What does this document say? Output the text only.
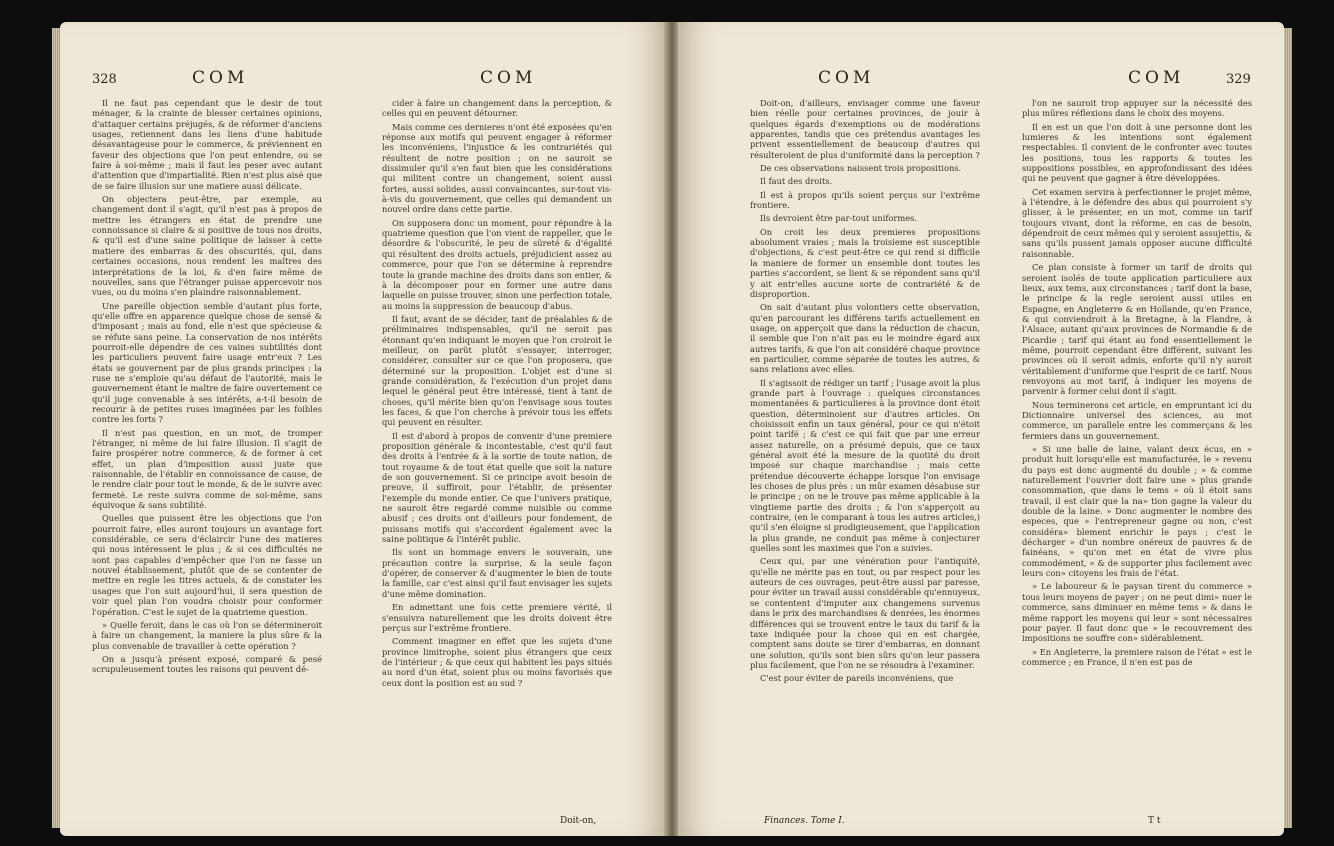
328	COM	COM

Il ne faut pas cependant que le desir de tout ménager, & la crainte de blesser certaines opinions, d'attaquer certains préjugés, & de réformer d'anciens usages, retiennent dans les liens d'une habitude désavantageuse pour le commerce, & préviennent en faveur des objections que l'on peut entendre, ou se faire à soi-même ; mais il faut les peser avec autant d'attention que d'impartialité. Rien n'est plus aisé que de se faire illusion sur une matiere aussi délicate.

On objectera peut-être, par exemple, au changement dont il s'agit, qu'il n'est pas à propos de mettre les étrangers en état de prendre une connoissance si claire & si positive de tous nos droits, & qu'il est d'une saine politique de laisser à cette matiere des embarras & des obscurités, qui, dans certaines occasions, nous rendent les maîtres des interprétations de la loi, & d'en faire même de nouvelles, sans que l'étranger puisse appercevoir nos vues, ou du moins s'en plaindre raisonnablement.

Une pareille objection semble d'autant plus forte, qu'elle offre en apparence quelque chose de sensé & d'imposant ; mais au fond, elle n'est que spécieuse & se réfute sans peine. La conservation de nos intérêts pourroit-elle dépendre de ces vaines subtilités dont les particuliers peuvent faire usage entr'eux ? Les états se gouvernent par de plus grands principes : la ruse ne s'emploie qu'au défaut de l'autorité, mais le gouvernement étant le maître de faire ouvertement ce qu'il juge convenable à ses intérêts, a-t-il besoin de recourir à de petites ruses imaginées par les foibles contre les forts ?

Il n'est pas question, en un mot, de tromper l'étranger, ni même de lui faire illusion. Il s'agit de faire prospérer notre commerce, & de former à cet effet, un plan d'imposition aussi juste que raisonnable, de l'établir en connoissance de cause, de le rendre clair pour tout le monde, & de le suivre avec fermeté. Le reste suivra comme de soi-même, sans équivoque & sans subtilité.

Quelles que puissent être les objections que l'on pourroit faire, elles auront toujours un avantage fort considérable, ce sera d'éclaircir l'une des matieres qui nous intéressent le plus ; & si ces difficultés ne sont pas capables d'empêcher que l'on ne fasse un nouvel établissement, plutôt que de se contenter de mettre en regle les titres actuels, & de constater les usages que l'on suit aujourd'hui, il sera question de voir quel plan l'on voudra choisir pour conformer l'opération. C'est le sujet de la quatrieme question.

» Quelle feroit, dans le cas où l'on se détermineroit à faire un changement, la maniere la plus sûre & la plus convenable de travailler à cette opération ?

On a jusqu'à présent exposé, comparé & pesé scrupuleusement toutes les raisons qui peuvent dé-

cider à faire un changement dans la perception, & celles qui en peuvent détourner.

Mais comme ces dernieres n'ont été exposées qu'en réponse aux motifs qui peuvent engager à réformer les inconvéniens, l'injustice & les contrariétés qui résultent de notre position ; on ne sauroit se dissimuler qu'il s'en faut bien que les considérations qui militent contre un changement, soient aussi fortes, aussi solides, aussi convaincantes, sur-tout vis-à-vis du gouvernement, que celles qui demandent un nouvel ordre dans cette partie.

On supposera donc un moment, pour répondre à la quatrieme question que l'on vient de rappeller, que le désordre & l'obscurité, le peu de sûreté & d'égalité qui résultent des droits actuels, préjudicient assez au commerce, pour que l'on se détermine à reprendre toute la grande machine des droits dans son entier, & à la décomposer pour en former une autre dans laquelle on puisse trouver, sinon une perfection totale, au moins la suppression de beaucoup d'abus.

Il faut, avant de se décider, tant de préalables & de préliminaires indispensables, qu'il ne seroit pas étonnant qu'en indiquant le moyen que l'on croiroit le meilleur, on parût plutôt s'essayer, interroger, considérer, consulter sur ce que l'on proposera, que déterminé sur la proposition. L'objet est d'une si grande considération, & l'exécution d'un projet dans lequel le général peut être intéressé, tient à tant de choses, qu'il mérite bien qu'on l'envisage sous toutes les faces, & que l'on cherche à prévoir tous les effets qui peuvent en résulter.

Il est d'abord à propos de convenir d'une premiere proposition générale & incontestable, c'est qu'il faut des droits à l'entrée & à la sortie de toute nation, de tout royaume & de tout état quelle que soit la nature de son gouvernement. Si ce principe avoit besoin de preuve, il suffiroit, pour l'établir, de présenter l'exemple du monde entier. Ce que l'univers pratique, ne sauroit être regardé comme nuisible ou comme abusif ; ces droits ont d'ailleurs pour fondement, de puissans motifs qui s'accordent également avec la saine politique & l'intérêt public.

Ils sont un hommage envers le souverain, une précaution contre la surprise, & la seule façon d'opérer, de conserver & d'augmenter le bien de toute la famille, car c'est ainsi qu'il faut envisager les sujets d'une même domination.

En admettant une fois cette premiere vérité, il s'ensuivra naturellement que les droits doivent être perçus sur l'extrême frontiere.

Comment imaginer en effet que les sujets d'une province limitrophe, soient plus étrangers que ceux de l'intérieur ; & que ceux qui habitent les pays situés au nord d'un état, soient plus ou moins favorisés que ceux dont la position est au sud ?

Doit-on,
COM	COM	329

Doit-on, d'ailleurs, envisager comme une faveur bien réelle pour certaines provinces, de jouir à quelques égards d'exemptions ou de modérations apparentes, tandis que ces prétendus avantages les privent essentiellement de beaucoup d'autres qui résulteroient de plus d'uniformité dans la perception ?

De ces observations naissent trois propositions.

Il faut des droits.

Il est à propos qu'ils soient perçus sur l'extrême frontiere.

Ils devroient être par-tout uniformes.

On croit les deux premieres propositions absolument vraies ; mais la troisieme est susceptible d'objections, & c'est peut-être ce qui rend si difficile la maniere de former un ensemble dont toutes les parties s'accordent, se lient & se répondent sans qu'il y ait entr'elles aucune sorte de contrariété & de disproportion.

On sait d'autant plus volontiers cette observation, qu'en parcourant les différens tarifs actuellement en usage, on apperçoit que dans la réduction de chacun, il semble que l'on n'ait pas eu le moindre égard aux autres tarifs, & que l'on ait considéré chaque province en particulier, comme séparée de toutes les autres, & sans relations avec elles.

Il s'agissoit de rédiger un tarif ; l'usage avoit la plus grande part à l'ouvrage : quelques circonstances momentanées & particulieres à la province dont étoit question, déterminoient sur d'autres articles. On choisissoit enfin un taux général, pour ce qui n'étoit point tarifé ; & c'est ce qui fait que par une erreur assez naturelle, on a présumé depuis, que ce taux général avoit été la mesure de la quotité du droit imposé sur chaque marchandise ; mais cette prétendue découverte échappe lorsque l'on envisage les choses de plus près : un mûr examen désabuse sur le principe ; on ne le trouve pas même applicable à la vingtieme partie des droits ; & l'on s'apperçoit au contraire, (en le comparant à tous les autres articles,) qu'il s'en éloigne si prodigieusement, que l'application la plus grande, ne conduit pas même à conjecturer quelles sont les maximes que l'on a suivies.

Ceux qui, par une vénération pour l'antiquité, qu'elle ne mérite pas en tout, ou par respect pour les auteurs de ces ouvrages, peut-être aussi par paresse, pour éviter un travail aussi considérable qu'ennuyeux, se contentent d'imputer aux changemens survenus dans le prix des marchandises & denrées, les énormes différences qui se trouvent entre le taux du tarif & la taxe indiquée pour la chose qui en est chargée, comptent sans doute se tirer d'embarras, en donnant une solution, qu'ils sont bien sûrs qu'on leur passera plus facilement, que l'on ne se résoudra à l'examiner.

C'est pour éviter de pareils inconvéniens, que

l'on ne sauroit trop appuyer sur la nécessité des plus mûres réflexions dans le choix des moyens.

Il en est un que l'on doit à une personne dont les lumieres & les intentions sont également respectables. Il convient de le confronter avec toutes les positions, tous les rapports & toutes les suppositions possibles, en approfondissant des idées qui ne peuvent que gagner à être développées.

Cet examen servira à perfectionner le projet même, à l'étendre, à le défendre des abus qui pourroient s'y glisser, à le présenter, en un mot, comme un tarif toujours vivant, dont la réforme, en cas de besoin, dépendroit de ceux mêmes qui y seroient assujettis, & sans qu'ils pussent jamais opposer aucune difficulté raisonnable.

Ce plan consiste à former un tarif de droits qui seroient isolés de toute application particuliere aux lieux, aux tems, aux circonstances ; tarif dont la base, le principe & la regle seroient aussi utiles en Espagne, en Angleterre & en Hollande, qu'en France, & qui conviendroit à la Bretagne, à la Flandre, à l'Alsace, autant qu'aux provinces de Normandie & de Picardie ; tarif qui étant au fond essentiellement le même, pourroit cependant être différent, suivant les provinces où il seroit admis, enforte qu'il n'y auroit véritablement d'uniforme que l'esprit de ce tarif. Nous renvoyons au mot tarif, à indiquer les moyens de parvenir à former celui dont il s'agit.

Nous terminerons cet article, en empruntant ici du Dictionnaire universel des sciences, au mot commerce, un parallele entre les commerçans & les fermiers dans un gouvernement.

« Si une balle de laine, valant deux écus, en » produit huit lorsqu'elle est manufacturée, le » revenu du pays est donc augmenté du double ; » & comme naturellement l'ouvrier doit faire une » plus grande consommation, que dans le tems » où il étoit sans travail, il est clair que la na» tion gagne la valeur du double de la laine. » Donc augmenter le nombre des especes, que » l'entrepreneur gagne ou non, c'est considéra» blement enrichir le pays ; c'est le décharger » d'un nombre onéreux de pauvres & de fainéans, » qu'on met en état de vivre plus commodément, » & de supporter plus facilement avec leurs con» citoyens les frais de l'état.

» Le laboureur & le paysan tirent du commerce » tous leurs moyens de payer ; on ne peut dimi» nuer le commerce, sans diminuer en même tems » & dans le même rapport les moyens qui leur » sont nécessaires pour payer. Il faut donc que » le recouvrement des impositions ne souffre con» sidérablement.

» En Angleterre, la premiere raison de l'état » est le commerce ; en France, il n'en est pas de

Finances. Tome I.	T t
